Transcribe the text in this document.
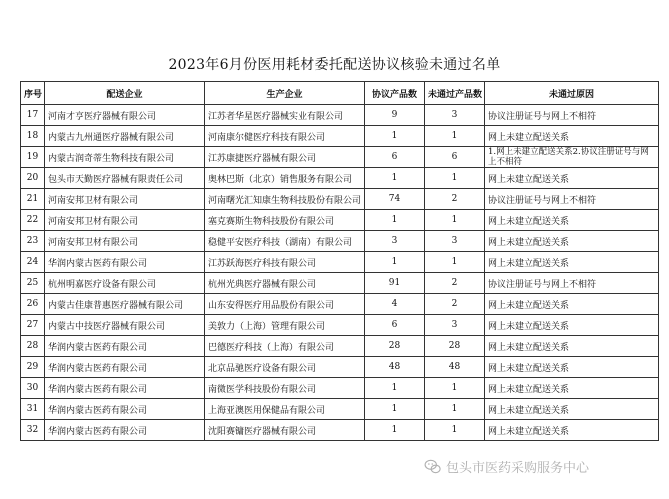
2023年6月份医用耗材委托配送协议核验未通过名单
序号	配送企业	生产企业	协议产品数	未通过产品数	未通过原因
17	河南才亨医疗器械有限公司	江苏者华星医疗器械实业有限公司	9	3	协议注册证号与网上不相符
18	内蒙古九州通医疗器械有限公司	河南康尔健医疗科技有限公司	1	1	网上未建立配送关系
19	内蒙古润奇蒂生物科技有限公司	江苏康捷医疗器械有限公司	6	6	1.网上未建立配送关系2.协议注册证号与网上不相符
20	包头市天勤医疗器械有限责任公司	奥林巴斯（北京）销售服务有限公司	1	1	网上未建立配送关系
21	河南安邦卫材有限公司	河南曙光汇知康生物科技股份有限公司	74	2	协议注册证号与网上不相符
22	河南安邦卫材有限公司	塞克赛斯生物科技股份有限公司	1	1	网上未建立配送关系
23	河南安邦卫材有限公司	稳健平安医疗科技（湖南）有限公司	3	3	网上未建立配送关系
24	华润内蒙古医药有限公司	江苏跃海医疗科技有限公司	1	1	网上未建立配送关系
25	杭州明嘉医疗设备有限公司	杭州光典医疗器械有限公司	91	2	协议注册证号与网上不相符
26	内蒙古佳康普惠医疗器械有限公司	山东安得医疗用品股份有限公司	4	2	网上未建立配送关系
27	内蒙古中技医疗器械有限公司	美敦力（上海）管理有限公司	6	3	网上未建立配送关系
28	华润内蒙古医药有限公司	巴德医疗科技（上海）有限公司	28	28	网上未建立配送关系
29	华润内蒙古医药有限公司	北京品驰医疗设备有限公司	48	48	网上未建立配送关系
30	华润内蒙古医药有限公司	南微医学科技股份有限公司	1	1	网上未建立配送关系
31	华润内蒙古医药有限公司	上海亚澳医用保健品有限公司	1	1	网上未建立配送关系
32	华润内蒙古医药有限公司	沈阳赛镛医疗器械有限公司	1	1	网上未建立配送关系
包头市医药采购服务中心
